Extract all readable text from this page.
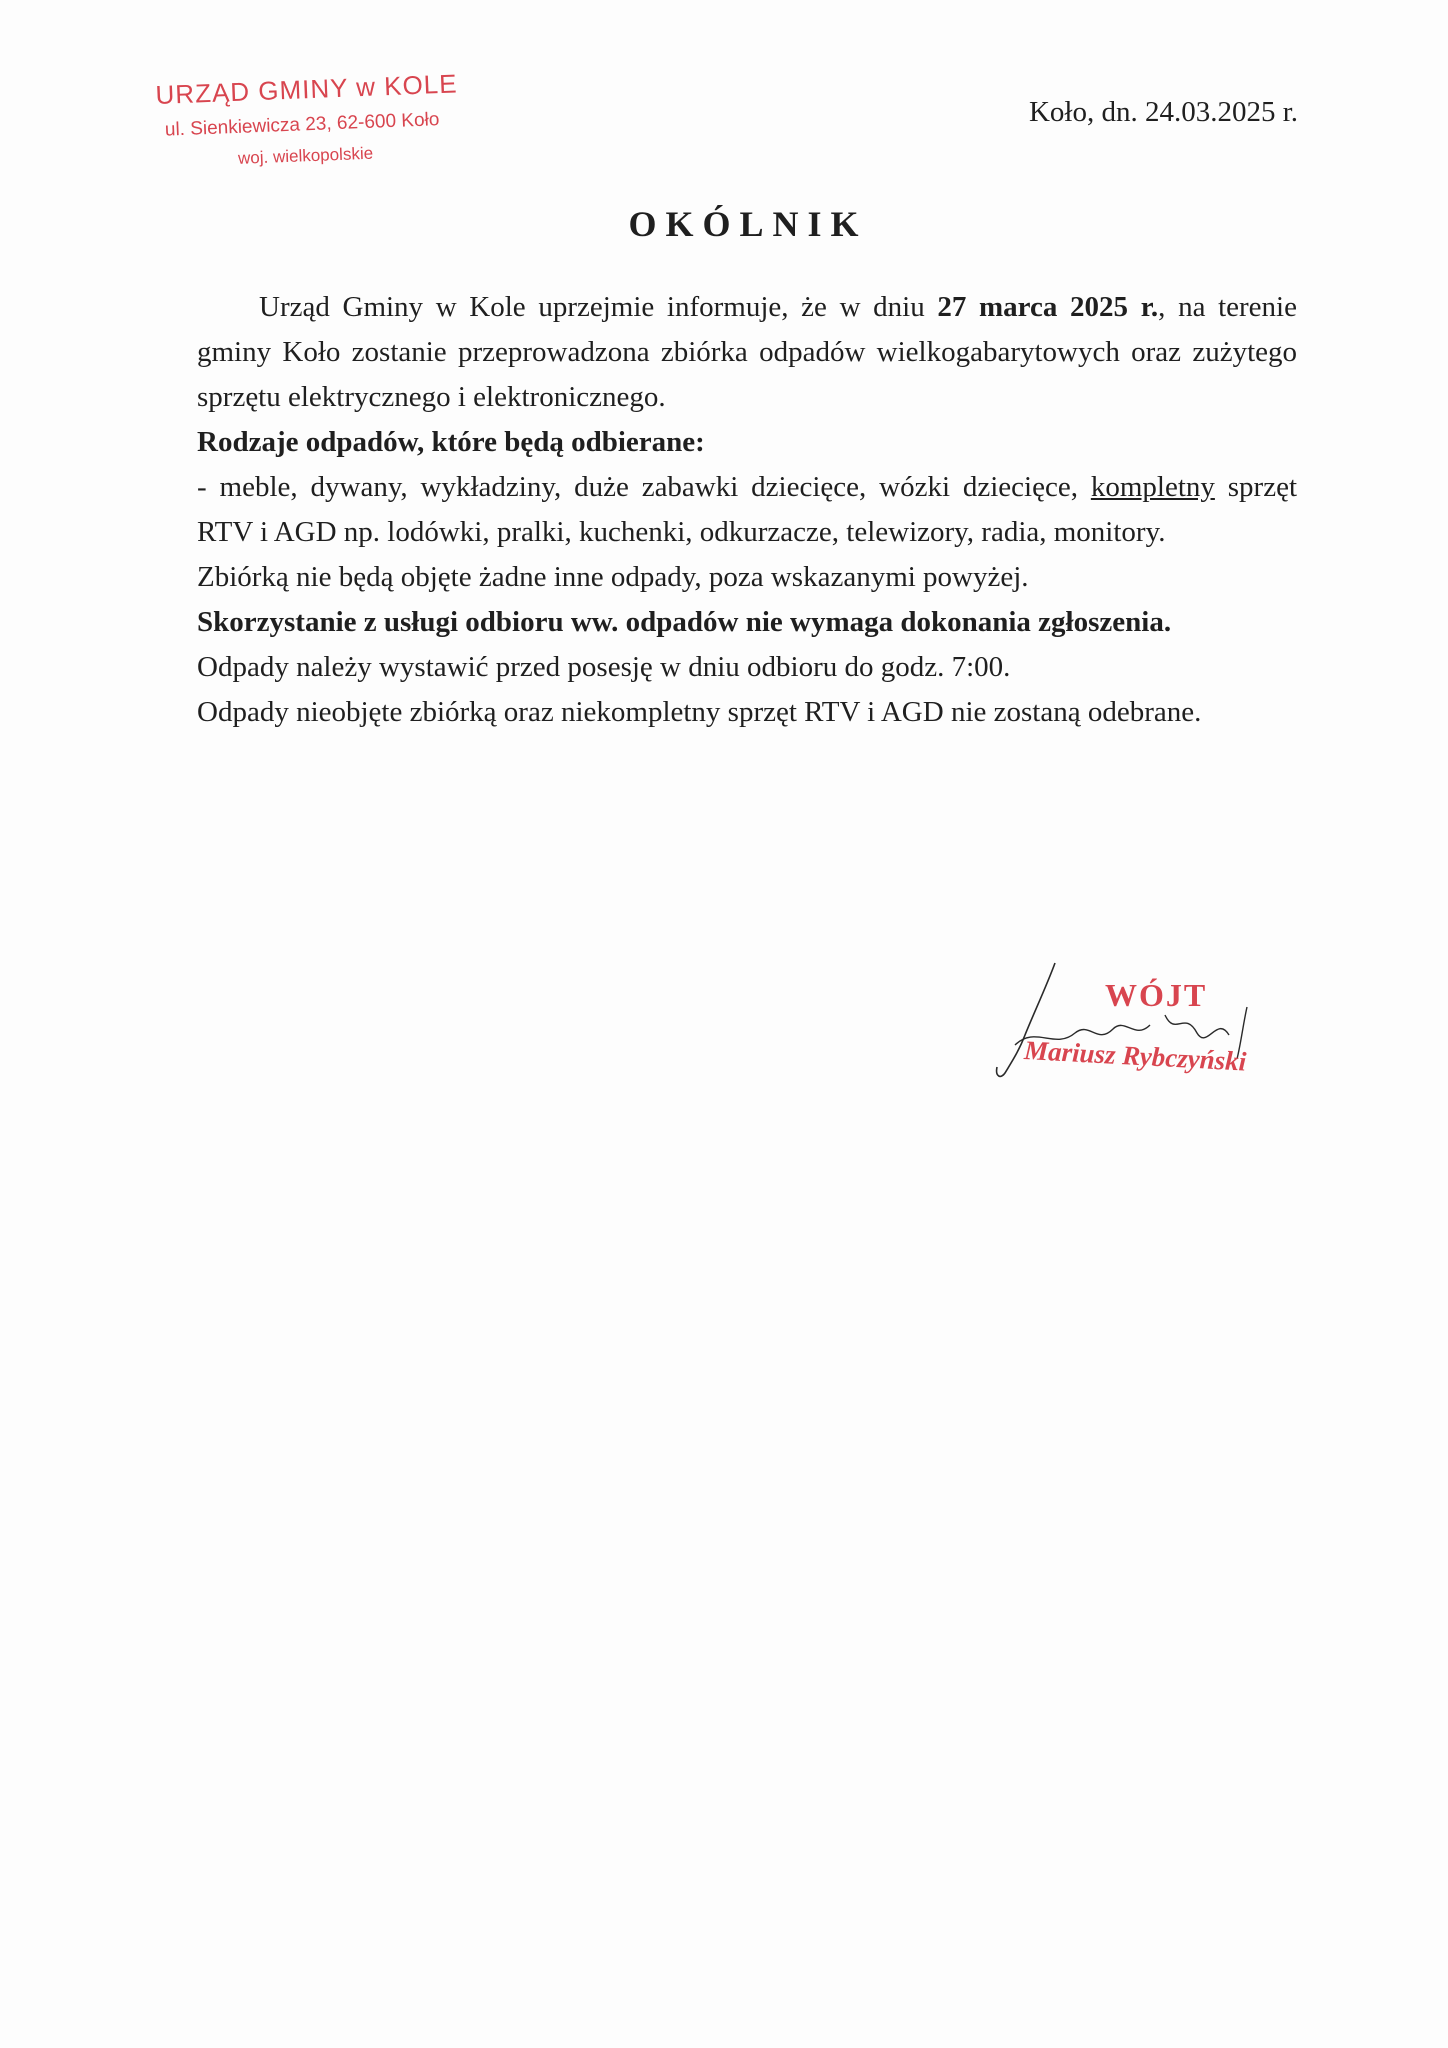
URZĄD GMINY w KOLE
ul. Sienkiewicza 23, 62-600 Koło
woj. wielkopolskie
Koło, dn. 24.03.2025 r.
OKÓLNIK

Urząd Gminy w Kole uprzejmie informuje, że w dniu 27 marca 2025 r., na terenie gminy Koło zostanie przeprowadzona zbiórka odpadów wielkogabarytowych oraz zużytego sprzętu elektrycznego i elektronicznego.

Rodzaje odpadów, które będą odbierane:

- meble, dywany, wykładziny, duże zabawki dziecięce, wózki dziecięce, kompletny sprzęt RTV i AGD np. lodówki, pralki, kuchenki, odkurzacze, telewizory, radia, monitory.

Zbiórką nie będą objęte żadne inne odpady, poza wskazanymi powyżej.

Skorzystanie z usługi odbioru ww. odpadów nie wymaga dokonania zgłoszenia.

Odpady należy wystawić przed posesję w dniu odbioru do godz. 7:00.

Odpady nieobjęte zbiórką oraz niekompletny sprzęt RTV i AGD nie zostaną odebrane.

WÓJT
Mariusz Rybczyński
